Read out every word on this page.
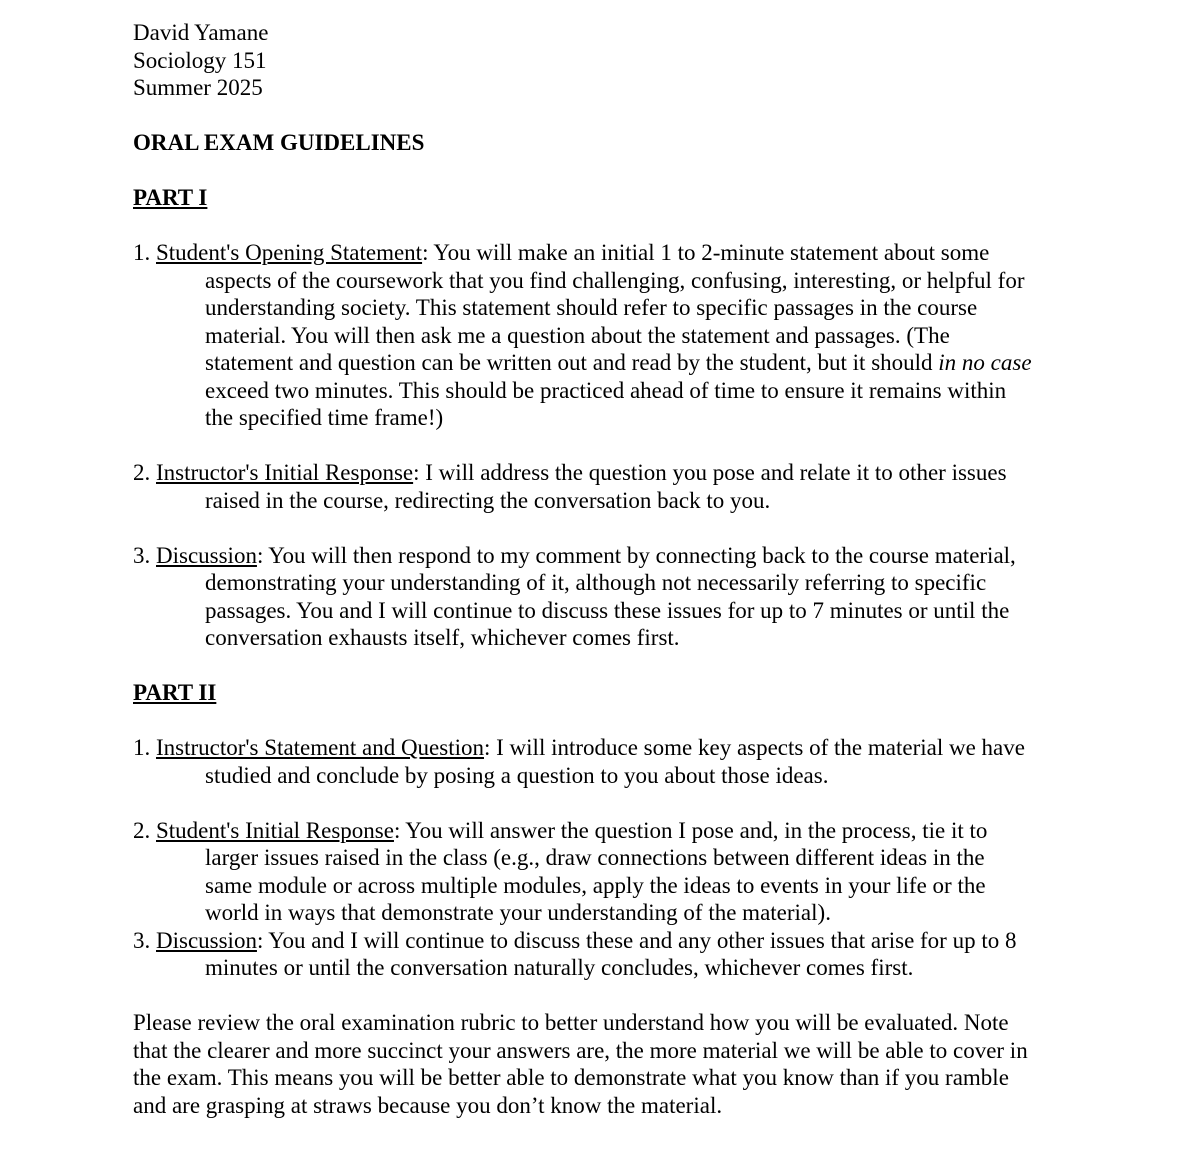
David Yamane
Sociology 151
Summer 2025
ORAL EXAM GUIDELINES
PART I
1. Student's Opening Statement: You will make an initial 1 to 2-minute statement about some
aspects of the coursework that you find challenging, confusing, interesting, or helpful for
understanding society. This statement should refer to specific passages in the course
material. You will then ask me a question about the statement and passages. (The
statement and question can be written out and read by the student, but it should in no case
exceed two minutes. This should be practiced ahead of time to ensure it remains within
the specified time frame!)
2. Instructor's Initial Response: I will address the question you pose and relate it to other issues
raised in the course, redirecting the conversation back to you.
3. Discussion: You will then respond to my comment by connecting back to the course material,
demonstrating your understanding of it, although not necessarily referring to specific
passages. You and I will continue to discuss these issues for up to 7 minutes or until the
conversation exhausts itself, whichever comes first.
PART II
1. Instructor's Statement and Question: I will introduce some key aspects of the material we have
studied and conclude by posing a question to you about those ideas.
2. Student's Initial Response: You will answer the question I pose and, in the process, tie it to
larger issues raised in the class (e.g., draw connections between different ideas in the
same module or across multiple modules, apply the ideas to events in your life or the
world in ways that demonstrate your understanding of the material).
3. Discussion: You and I will continue to discuss these and any other issues that arise for up to 8
minutes or until the conversation naturally concludes, whichever comes first.
Please review the oral examination rubric to better understand how you will be evaluated. Note
that the clearer and more succinct your answers are, the more material we will be able to cover in
the exam. This means you will be better able to demonstrate what you know than if you ramble
and are grasping at straws because you don’t know the material.
